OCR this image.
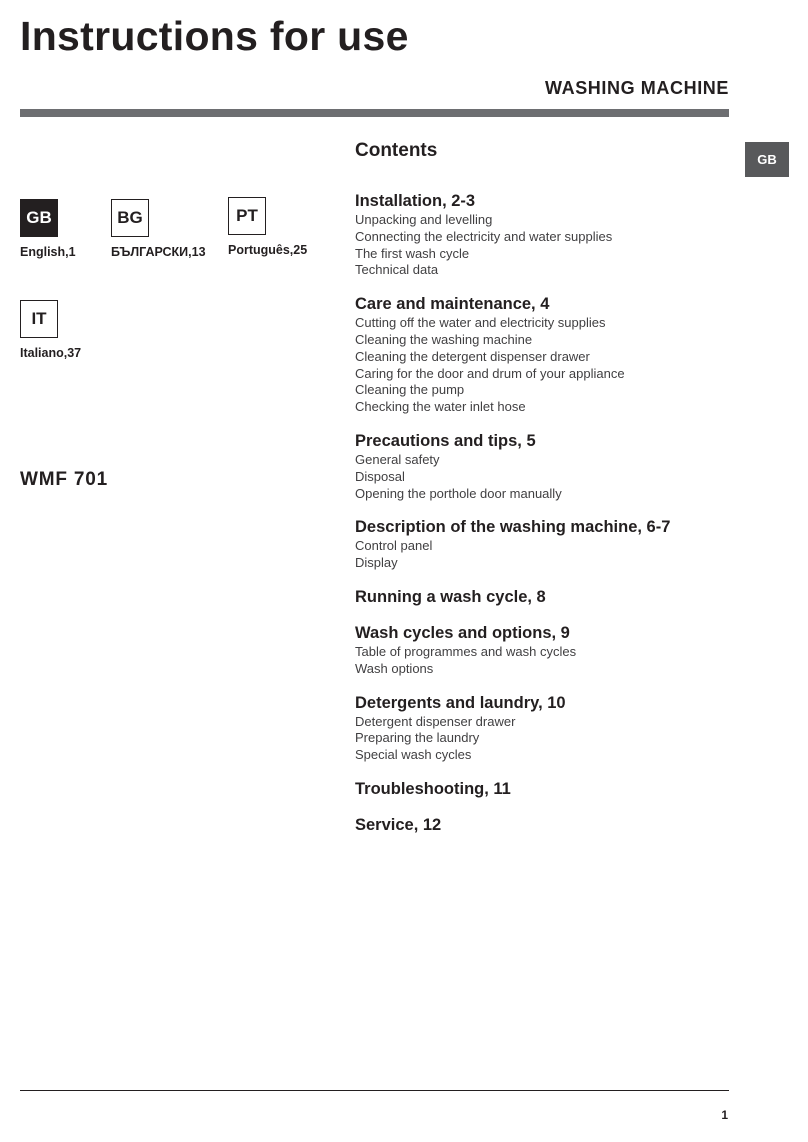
Instructions for use
WASHING MACHINE
GB
GB
English,1
BG
БЪЛГАРСКИ,13
PT
Português,25
IT
Italiano,37
WMF 701
Contents
Installation, 2-3
Unpacking and levelling
Connecting the electricity and water supplies
The first wash cycle
Technical data
Care and maintenance, 4
Cutting off the water and electricity supplies
Cleaning the washing machine
Cleaning the detergent dispenser drawer
Caring for the door and drum of your appliance
Cleaning the pump
Checking the water inlet hose
Precautions and tips, 5
General safety
Disposal
Opening the porthole door manually
Description of the washing machine, 6-7
Control panel
Display
Running a wash cycle, 8
Wash cycles and options, 9
Table of programmes and wash cycles
Wash options
Detergents and laundry, 10
Detergent dispenser drawer
Preparing the laundry
Special wash cycles
Troubleshooting, 11
Service, 12
1
